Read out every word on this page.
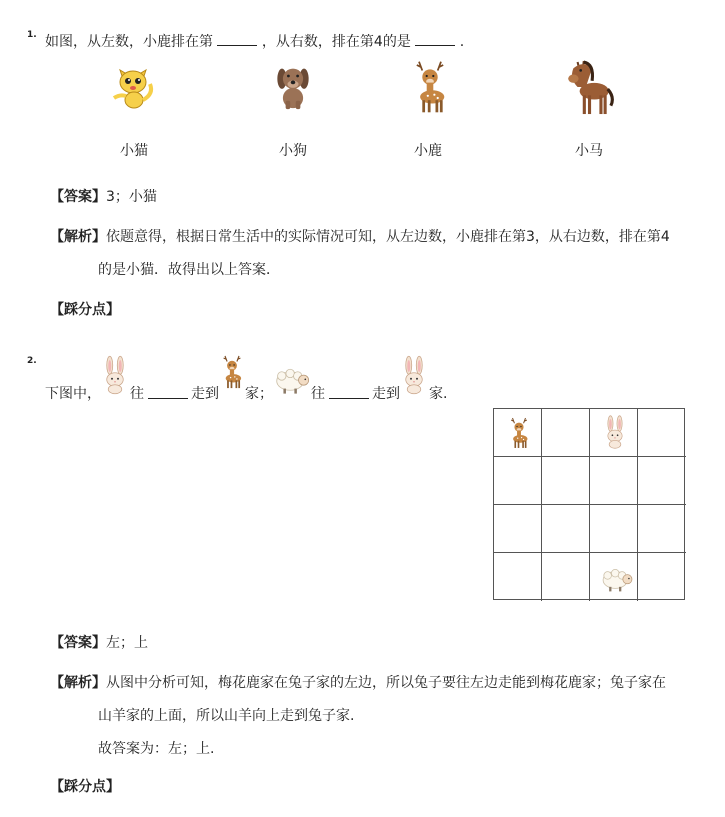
1. 如图，从左数，小鹿排在第	，从右数，排在第4的是	.
小猫	小狗	小鹿	小马
【答案】3；小猫
【解析】依题意得，根据日常生活中的实际情况可知，从左边数，小鹿排在第3，从右边数，排在第4
的是小猫．故得出以上答案．
【踩分点】
2.
下图中， 往	走到 家；	往	走到 家.
【答案】左；上
【解析】从图中分析可知，梅花鹿家在兔子家的左边，所以兔子要往左边走能到梅花鹿家；兔子家在
山羊家的上面，所以山羊向上走到兔子家.
故答案为：左；上.
【踩分点】
